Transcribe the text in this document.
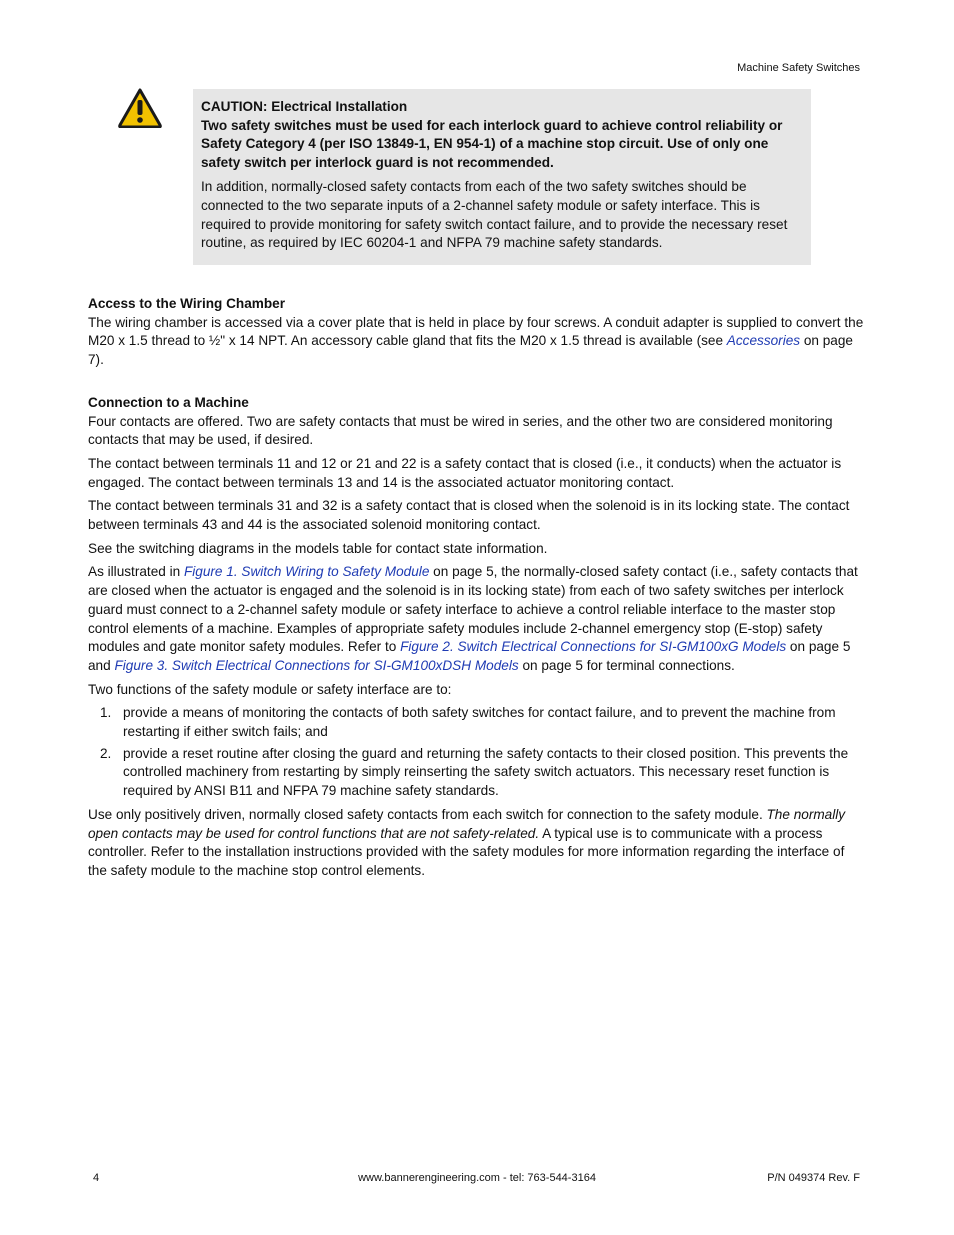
Machine Safety Switches
CAUTION: Electrical Installation
Two safety switches must be used for each interlock guard to achieve control reliability or Safety Category 4 (per ISO 13849-1, EN 954-1) of a machine stop circuit. Use of only one safety switch per interlock guard is not recommended.
In addition, normally-closed safety contacts from each of the two safety switches should be connected to the two separate inputs of a 2-channel safety module or safety interface. This is required to provide monitoring for safety switch contact failure, and to provide the necessary reset routine, as required by IEC 60204-1 and NFPA 79 machine safety standards.
Access to the Wiring Chamber

The wiring chamber is accessed via a cover plate that is held in place by four screws. A conduit adapter is supplied to convert the M20 x 1.5 thread to ½" x 14 NPT. An accessory cable gland that fits the M20 x 1.5 thread is available (see Accessories on page 7).

Connection to a Machine

Four contacts are offered. Two are safety contacts that must be wired in series, and the other two are considered monitoring contacts that may be used, if desired.

The contact between terminals 11 and 12 or 21 and 22 is a safety contact that is closed (i.e., it conducts) when the actuator is engaged. The contact between terminals 13 and 14 is the associated actuator monitoring contact.

The contact between terminals 31 and 32 is a safety contact that is closed when the solenoid is in its locking state. The contact between terminals 43 and 44 is the associated solenoid monitoring contact.

See the switching diagrams in the models table for contact state information.

As illustrated in Figure 1. Switch Wiring to Safety Module on page 5, the normally-closed safety contact (i.e., safety contacts that are closed when the actuator is engaged and the solenoid is in its locking state) from each of two safety switches per interlock guard must connect to a 2-channel safety module or safety interface to achieve a control reliable interface to the master stop control elements of a machine. Examples of appropriate safety modules include 2-channel emergency stop (E-stop) safety modules and gate monitor safety modules. Refer to Figure 2. Switch Electrical Connections for SI-GM100xG Models on page 5 and Figure 3. Switch Electrical Connections for SI-GM100xDSH Models on page 5 for terminal connections.

Two functions of the safety module or safety interface are to:

1. provide a means of monitoring the contacts of both safety switches for contact failure, and to prevent the machine from restarting if either switch fails; and
2. provide a reset routine after closing the guard and returning the safety contacts to their closed position. This prevents the controlled machinery from restarting by simply reinserting the safety switch actuators. This necessary reset function is required by ANSI B11 and NFPA 79 machine safety standards.

Use only positively driven, normally closed safety contacts from each switch for connection to the safety module. The normally open contacts may be used for control functions that are not safety-related. A typical use is to communicate with a process controller. Refer to the installation instructions provided with the safety modules for more information regarding the interface of the safety module to the machine stop control elements.

4	www.bannerengineering.com - tel: 763-544-3164	P/N 049374 Rev. F
